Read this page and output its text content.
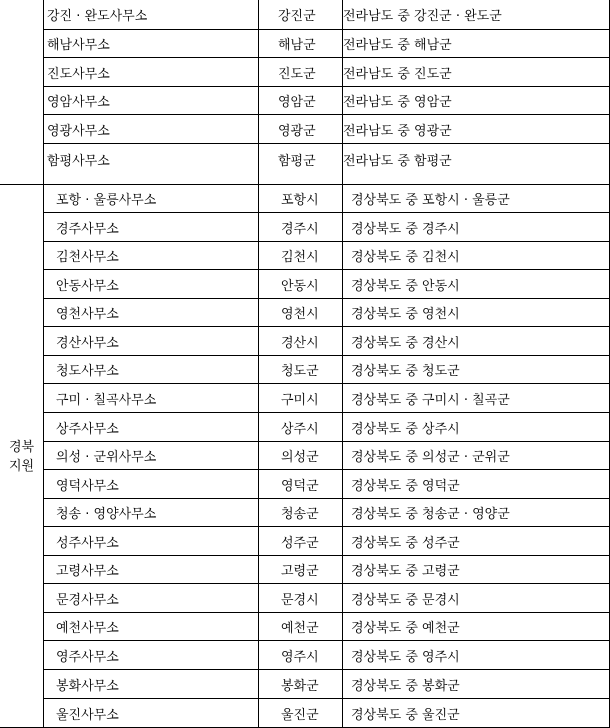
강진 · 완도사무소	강진군	전라남도 중 강진군 · 완도군
해남사무소	해남군	전라남도 중 해남군
진도사무소	진도군	전라남도 중 진도군
영암사무소	영암군	전라남도 중 영암군
영광사무소	영광군	전라남도 중 영광군
함평사무소	함평군	전라남도 중 함평군
경북 지원
포항 · 울릉사무소	포항시	경상북도 중 포항시 · 울릉군
경주사무소	경주시	경상북도 중 경주시
김천사무소	김천시	경상북도 중 김천시
안동사무소	안동시	경상북도 중 안동시
영천사무소	영천시	경상북도 중 영천시
경산사무소	경산시	경상북도 중 경산시
청도사무소	청도군	경상북도 중 청도군
구미 · 칠곡사무소	구미시	경상북도 중 구미시 · 칠곡군
상주사무소	상주시	경상북도 중 상주시
의성 · 군위사무소	의성군	경상북도 중 의성군 · 군위군
영덕사무소	영덕군	경상북도 중 영덕군
청송 · 영양사무소	청송군	경상북도 중 청송군 · 영양군
성주사무소	성주군	경상북도 중 성주군
고령사무소	고령군	경상북도 중 고령군
문경사무소	문경시	경상북도 중 문경시
예천사무소	예천군	경상북도 중 예천군
영주사무소	영주시	경상북도 중 영주시
봉화사무소	봉화군	경상북도 중 봉화군
울진사무소	울진군	경상북도 중 울진군
